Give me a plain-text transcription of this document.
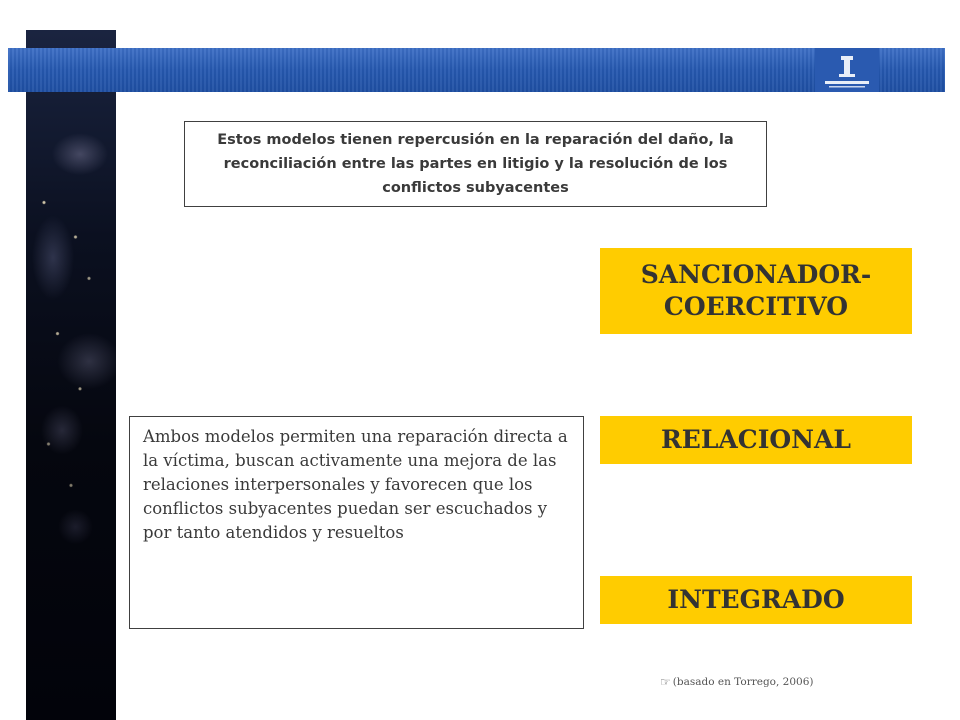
Estos modelos tienen repercusión en la reparación del daño, la reconciliación entre las partes en litigio y la resolución de los conflictos subyacentes
SANCIONADOR-COERCITIVO
RELACIONAL
INTEGRADO
Ambos modelos permiten una reparación directa a la víctima, buscan activamente una mejora de las relaciones interpersonales y favorecen que los conflictos subyacentes puedan ser escuchados y por tanto atendidos y resueltos
☞ (basado en Torrego, 2006)
